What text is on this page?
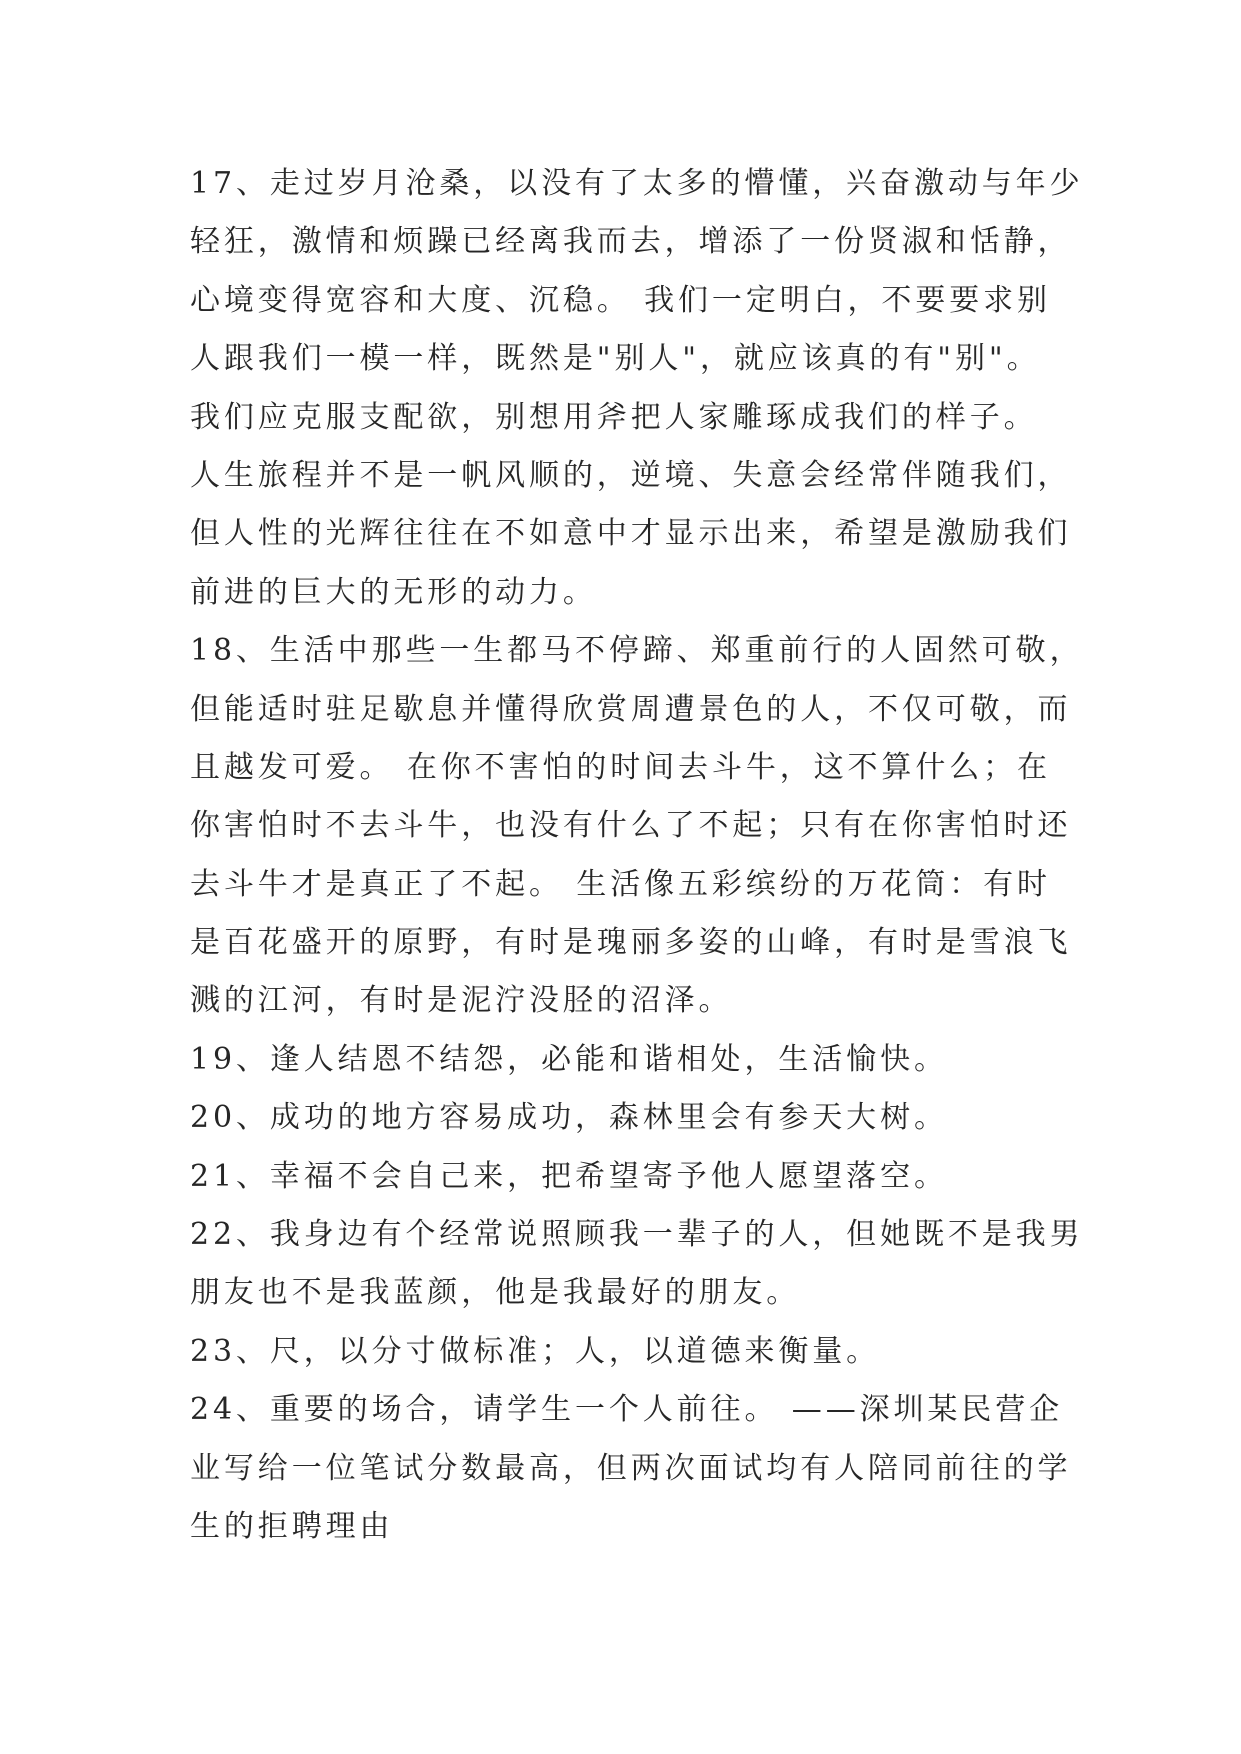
17、走过岁月沧桑，以没有了太多的懵懂，兴奋激动与年少
轻狂，激情和烦躁已经离我而去，增添了一份贤淑和恬静，
心境变得宽容和大度、沉稳。 我们一定明白，不要要求别
人跟我们一模一样，既然是"别人"，就应该真的有"别"。
我们应克服支配欲，别想用斧把人家雕琢成我们的样子。
人生旅程并不是一帆风顺的，逆境、失意会经常伴随我们，
但人性的光辉往往在不如意中才显示出来，希望是激励我们
前进的巨大的无形的动力。
18、生活中那些一生都马不停蹄、郑重前行的人固然可敬，
但能适时驻足歇息并懂得欣赏周遭景色的人，不仅可敬，而
且越发可爱。 在你不害怕的时间去斗牛，这不算什么；在
你害怕时不去斗牛，也没有什么了不起；只有在你害怕时还
去斗牛才是真正了不起。 生活像五彩缤纷的万花筒：有时
是百花盛开的原野，有时是瑰丽多姿的山峰，有时是雪浪飞
溅的江河，有时是泥泞没胫的沼泽。
19、逢人结恩不结怨，必能和谐相处，生活愉快。
20、成功的地方容易成功，森林里会有参天大树。
21、幸福不会自己来，把希望寄予他人愿望落空。
22、我身边有个经常说照顾我一辈子的人，但她既不是我男
朋友也不是我蓝颜，他是我最好的朋友。
23、尺，以分寸做标准；人，以道德来衡量。
24、重要的场合，请学生一个人前往。 ——深圳某民营企
业写给一位笔试分数最高，但两次面试均有人陪同前往的学
生的拒聘理由
